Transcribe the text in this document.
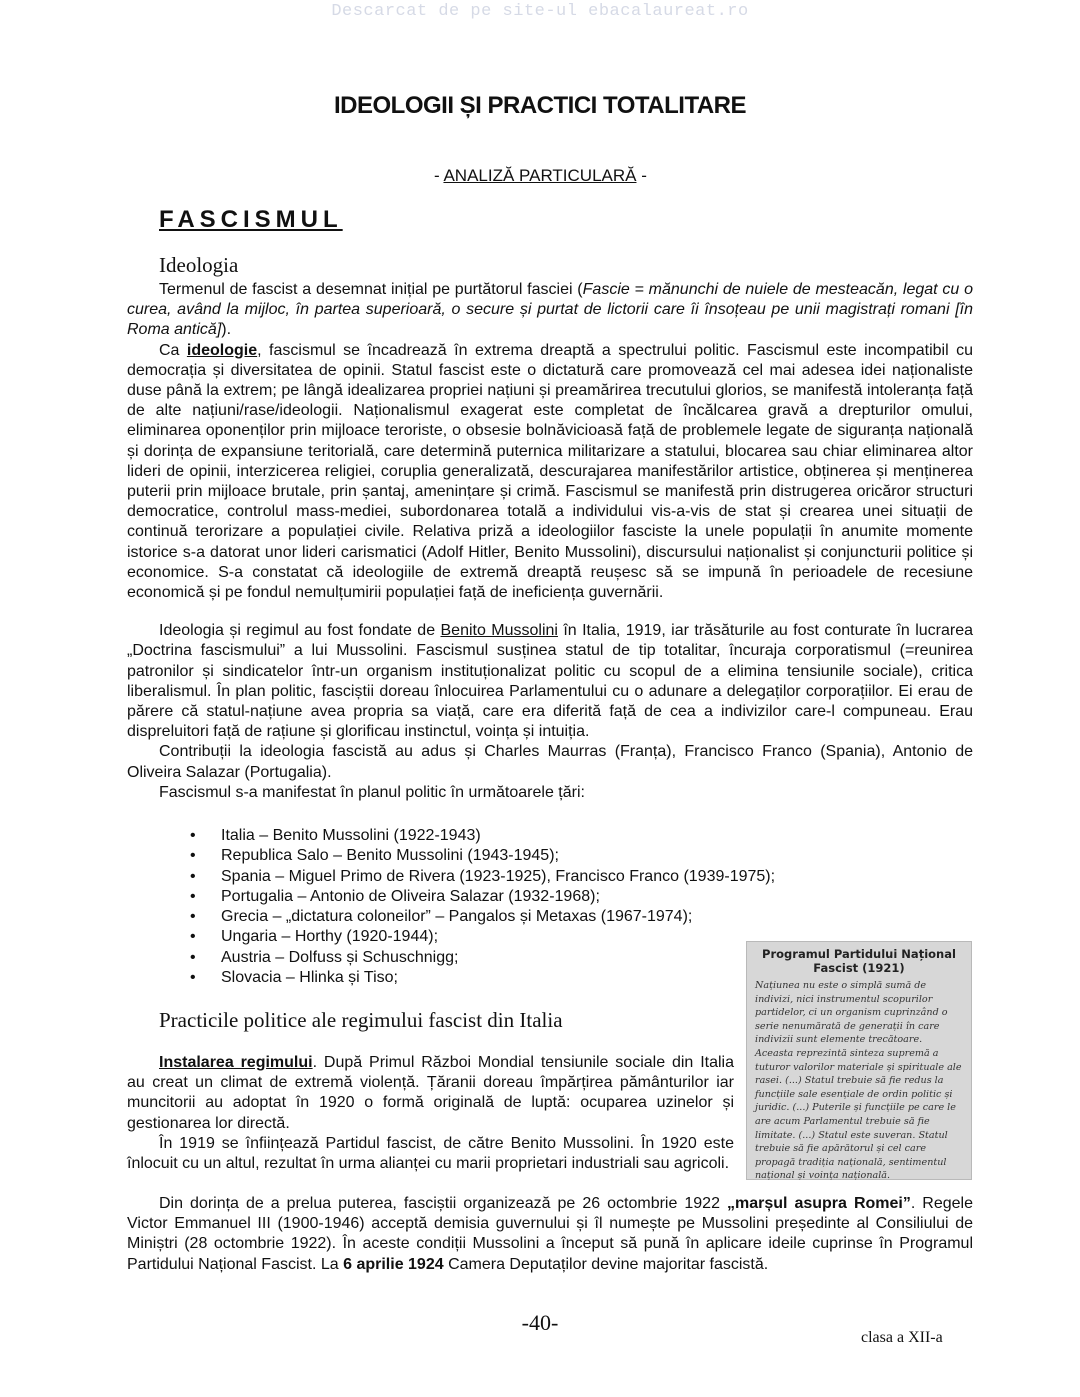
Descarcat de pe site-ul ebacalaureat.ro
IDEOLOGII ȘI PRACTICI TOTALITARE
- ANALIZĂ PARTICULARĂ -
FASCISMUL
Ideologia

Termenul de fascist a desemnat inițial pe purtătorul fasciei (Fascie = mănunchi de nuiele de mesteacăn, legat cu o curea, având la mijloc, în partea superioară, o secure și purtat de lictorii care îi însoțeau pe unii magistrați romani [în Roma antică]).

Ca ideologie, fascismul se încadrează în extrema dreaptă a spectrului politic. Fascismul este incompatibil cu democrația și diversitatea de opinii. Statul fascist este o dictatură care promovează cel mai adesea idei naționaliste duse până la extrem; pe lângă idealizarea propriei națiuni și preamărirea trecutului glorios, se manifestă intoleranța față de alte națiuni/rase/ideologii. Naționalismul exagerat este completat de încălcarea gravă a drepturilor omului, eliminarea oponenților prin mijloace teroriste, o obsesie bolnăvicioasă față de problemele legate de siguranța națională și dorința de expansiune teritorială, care determină puternica militarizare a statului, blocarea sau chiar eliminarea altor lideri de opinii, interzicerea religiei, coruplia generalizată, descurajarea manifestărilor artistice, obținerea și menținerea puterii prin mijloace brutale, prin șantaj, amenințare și crimă. Fascismul se manifestă prin distrugerea oricăror structuri democratice, controlul mass-mediei, subordonarea totală a individului vis-a-vis de stat și crearea unei situații de continuă terorizare a populației civile. Relativa priză a ideologiilor fasciste la unele populații în anumite momente istorice s-a datorat unor lideri carismatici (Adolf Hitler, Benito Mussolini), discursului naționalist și conjuncturii politice și economice. S-a constatat că ideologiile de extremă dreaptă reușesc să se impună în perioadele de recesiune economică și pe fondul nemulțumirii populației față de ineficiența guvernării.

Ideologia și regimul au fost fondate de Benito Mussolini în Italia, 1919, iar trăsăturile au fost conturate în lucrarea „Doctrina fascismului” a lui Mussolini. Fascismul susținea statul de tip totalitar, încuraja corporatismul (=reunirea patronilor și sindicatelor într-un organism instituționalizat politic cu scopul de a elimina tensiunile sociale), critica liberalismul. În plan politic, fasciștii doreau înlocuirea Parlamentului cu o adunare a delegaților corporațiilor. Ei erau de părere că statul-națiune avea propria sa viață, care era diferită față de cea a indivizilor care-l compuneau. Erau dispreluitori față de rațiune și glorificau instinctul, voința și intuiția.

Contribuții la ideologia fascistă au adus și Charles Maurras (Franța), Francisco Franco (Spania), Antonio de Oliveira Salazar (Portugalia).

Fascismul s-a manifestat în planul politic în următoarele țări:

• Italia – Benito Mussolini (1922-1943)
• Republica Salo – Benito Mussolini (1943-1945);
• Spania – Miguel Primo de Rivera (1923-1925), Francisco Franco (1939-1975);
• Portugalia – Antonio de Oliveira Salazar (1932-1968);
• Grecia – „dictatura coloneilor” – Pangalos și Metaxas (1967-1974);
• Ungaria – Horthy (1920-1944);
• Austria – Dolfuss și Schuschnigg;
• Slovacia – Hlinka și Tiso;
Practicile politice ale regimului fascist din Italia

Instalarea regimului. După Primul Război Mondial tensiunile sociale din Italia au creat un climat de extremă violență. Țăranii doreau împărțirea pământurilor iar muncitorii au adoptat în 1920 o formă originală de luptă: ocuparea uzinelor și gestionarea lor directă.

În 1919 se înființează Partidul fascist, de către Benito Mussolini. În 1920 este înlocuit cu un altul, rezultat în urma alianței cu marii proprietari industriali sau agricoli.

Din dorința de a prelua puterea, fasciștii organizează pe 26 octombrie 1922 „marșul asupra Romei”. Regele Victor Emmanuel III (1900-1946) acceptă demisia guvernului și îl numește pe Mussolini președinte al Consiliului de Miniștri (28 octombrie 1922). În aceste condiții Mussolini a început să pună în aplicare ideile cuprinse în Programul Partidului Național Fascist. La 6 aprilie 1924 Camera Deputaților devine majoritar fascistă.

Programul Partidului Național Fascist (1921)
Națiunea nu este o simplă sumă de indivizi, nici instrumentul scopurilor partidelor, ci un organism cuprinzând o serie nenumărată de generații în care indivizii sunt elemente trecătoare. Aceasta reprezintă sinteza supremă a tuturor valorilor materiale și spirituale ale rasei. (...) Statul trebuie să fie redus la funcțiile sale esențiale de ordin politic și juridic. (...) Puterile și funcțiile pe care le are acum Parlamentul trebuie să fie limitate. (...) Statul este suveran. Statul trebuie să fie apărătorul și cel care propagă tradiția națională, sentimentul național și voința națională.
-40-
clasa a XII-a
